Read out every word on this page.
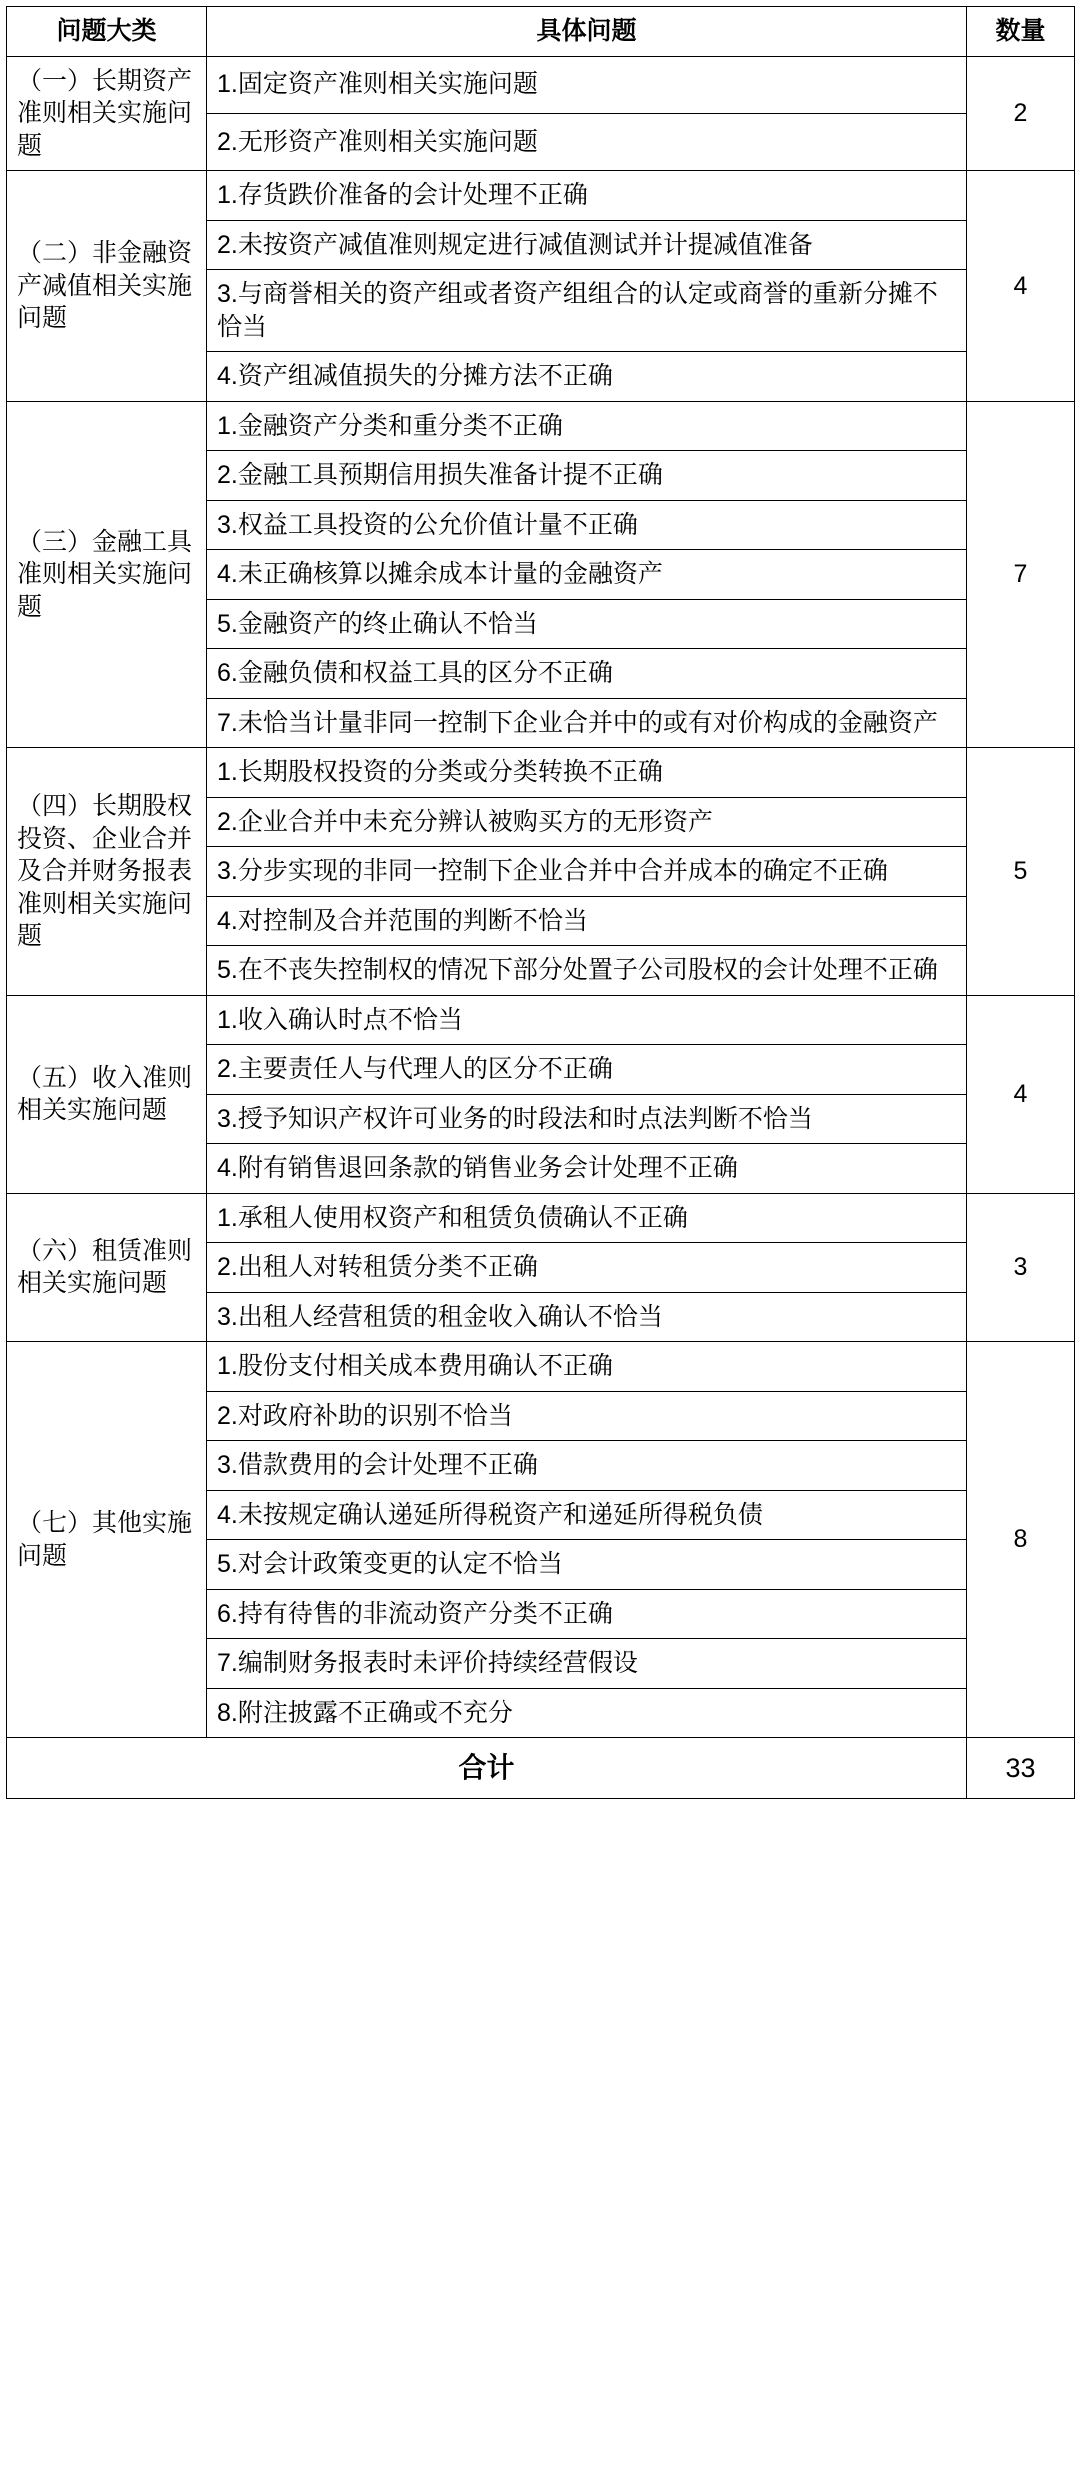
问题大类	具体问题	数量
（一）长期资产准则相关实施问题	1.固定资产准则相关实施问题	2
	2.无形资产准则相关实施问题	
（二）非金融资产减值相关实施问题	1.存货跌价准备的会计处理不正确	4
	2.未按资产减值准则规定进行减值测试并计提减值准备	
	3.与商誉相关的资产组或者资产组组合的认定或商誉的重新分摊不恰当	
	4.资产组减值损失的分摊方法不正确	
（三）金融工具准则相关实施问题	1.金融资产分类和重分类不正确	7
	2.金融工具预期信用损失准备计提不正确	
	3.权益工具投资的公允价值计量不正确	
	4.未正确核算以摊余成本计量的金融资产	
	5.金融资产的终止确认不恰当	
	6.金融负债和权益工具的区分不正确	
	7.未恰当计量非同一控制下企业合并中的或有对价构成的金融资产	
（四）长期股权投资、企业合并及合并财务报表准则相关实施问题	1.长期股权投资的分类或分类转换不正确	5
	2.企业合并中未充分辨认被购买方的无形资产	
	3.分步实现的非同一控制下企业合并中合并成本的确定不正确	
	4.对控制及合并范围的判断不恰当	
	5.在不丧失控制权的情况下部分处置子公司股权的会计处理不正确	
（五）收入准则相关实施问题	1.收入确认时点不恰当	4
	2.主要责任人与代理人的区分不正确	
	3.授予知识产权许可业务的时段法和时点法判断不恰当	
	4.附有销售退回条款的销售业务会计处理不正确	
（六）租赁准则相关实施问题	1.承租人使用权资产和租赁负债确认不正确	3
	2.出租人对转租赁分类不正确	
	3.出租人经营租赁的租金收入确认不恰当	
（七）其他实施问题	1.股份支付相关成本费用确认不正确	8
	2.对政府补助的识别不恰当	
	3.借款费用的会计处理不正确	
	4.未按规定确认递延所得税资产和递延所得税负债	
	5.对会计政策变更的认定不恰当	
	6.持有待售的非流动资产分类不正确	
	7.编制财务报表时未评价持续经营假设	
	8.附注披露不正确或不充分	
合计		33
